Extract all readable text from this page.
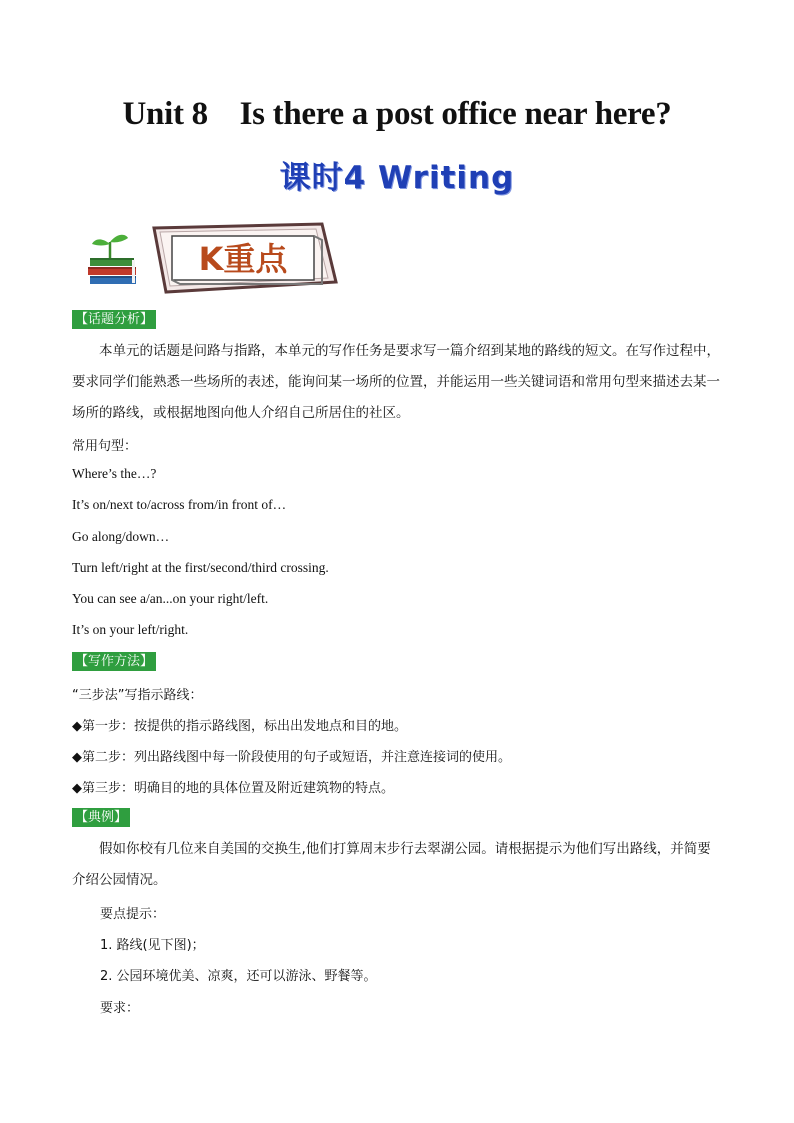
Unit 8    Is there a post office near here?
课时4 Writing
K重点
【话题分析】

本单元的话题是问路与指路，本单元的写作任务是要求写一篇介绍到某地的路线的短文。在写作过程中，要求同学们能熟悉一些场所的表述，能询问某一场所的位置，并能运用一些关键词语和常用句型来描述去某一场所的路线，或根据地图向他人介绍自己所居住的社区。

常用句型：
Where’s the…?
It’s on/next to/across from/in front of…
Go along/down…
Turn left/right at the first/second/third crossing.
You can see a/an...on your right/left.
It’s on your left/right.
【写作方法】
“三步法”写指示路线：
◆第一步：按提供的指示路线图，标出出发地点和目的地。
◆第二步：列出路线图中每一阶段使用的句子或短语，并注意连接词的使用。
◆第三步：明确目的地的具体位置及附近建筑物的特点。
【典例】

假如你校有几位来自美国的交换生,他们打算周末步行去翠湖公园。请根据提示为他们写出路线，并简要介绍公园情况。

要点提示：
1. 路线(见下图)；
2. 公园环境优美、凉爽，还可以游泳、野餐等。
要求：
